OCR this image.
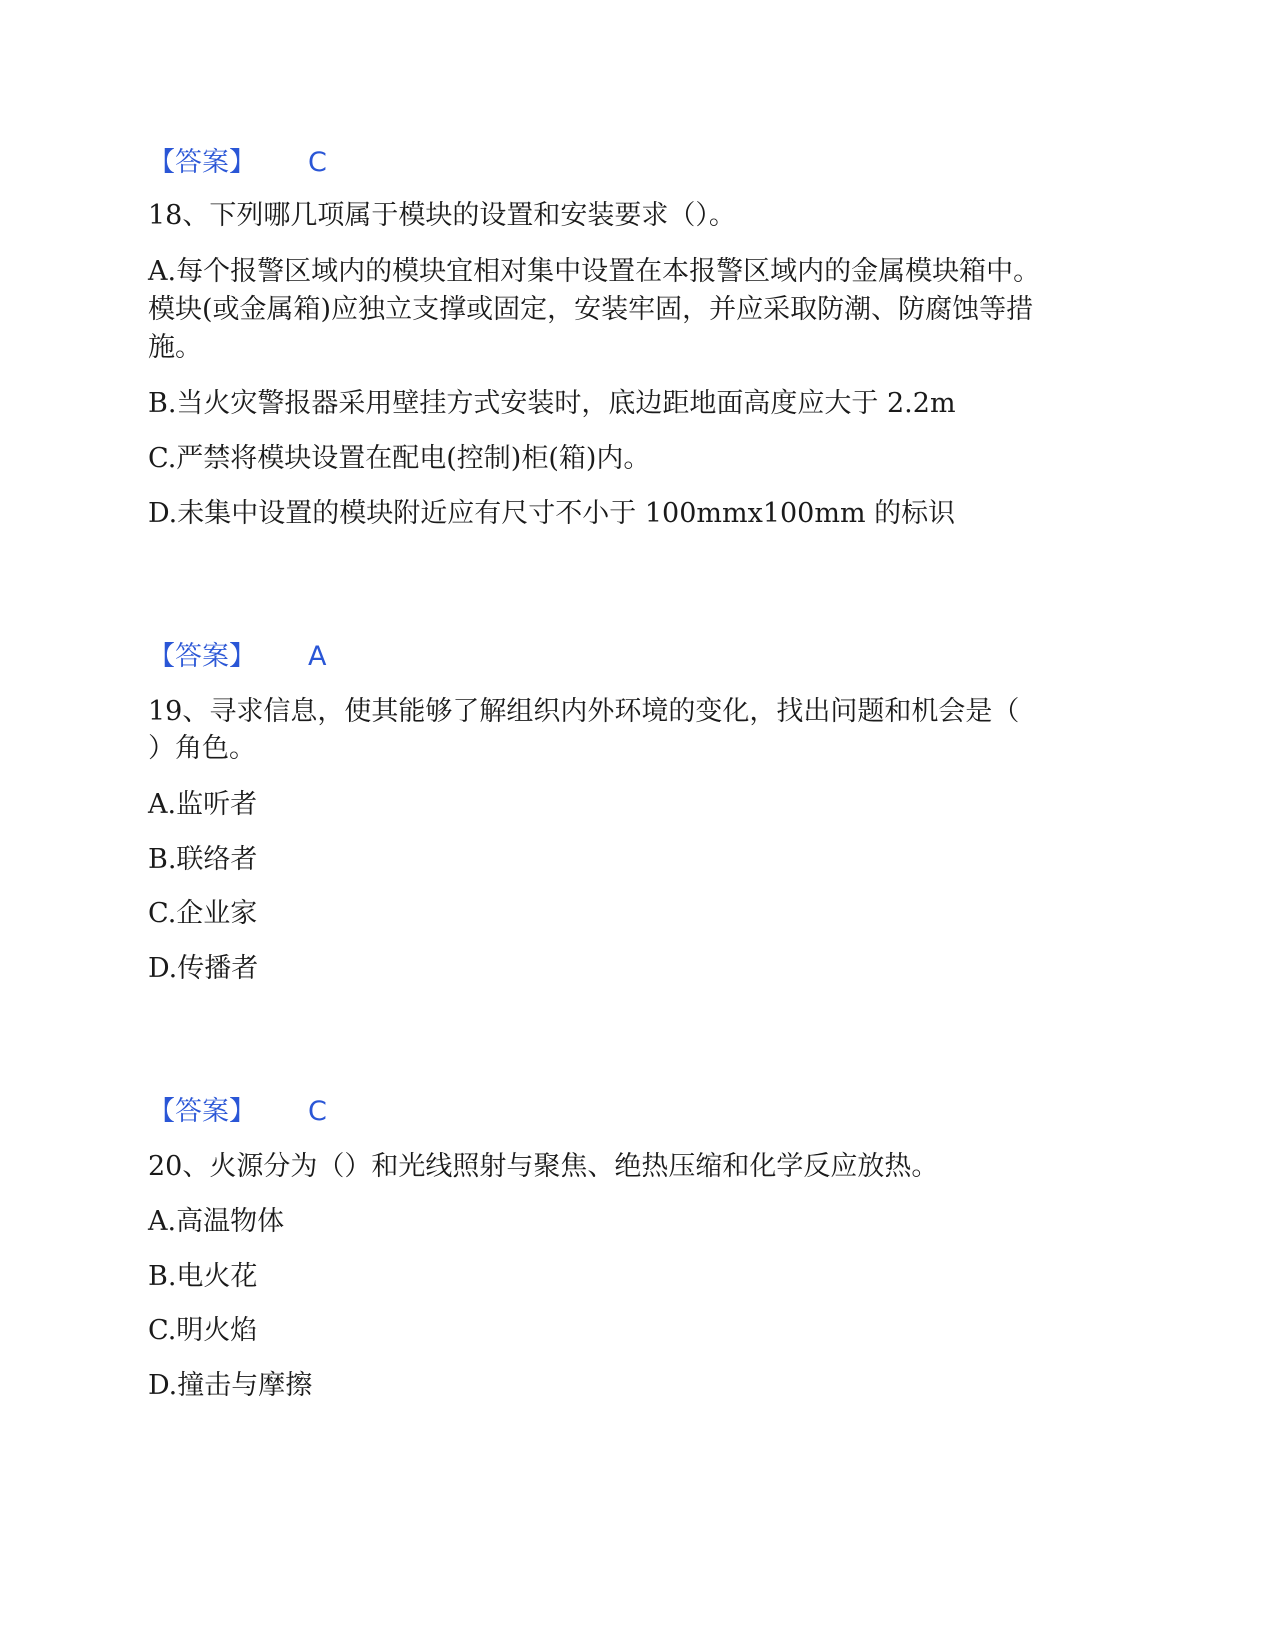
【答案】 C
18、下列哪几项属于模块的设置和安装要求（）。
A.每个报警区域内的模块宜相对集中设置在本报警区域内的金属模块箱中。
模块(或金属箱)应独立支撑或固定，安装牢固，并应采取防潮、防腐蚀等措
施。
B.当火灾警报器采用壁挂方式安装时，底边距地面高度应大于 2.2m
C.严禁将模块设置在配电(控制)柜(箱)内。
D.未集中设置的模块附近应有尺寸不小于 100mmx100mm 的标识
【答案】 A
19、寻求信息，使其能够了解组织内外环境的变化，找出问题和机会是（
）角色。
A.监听者
B.联络者
C.企业家
D.传播者
【答案】 C
20、火源分为（）和光线照射与聚焦、绝热压缩和化学反应放热。
A.高温物体
B.电火花
C.明火焰
D.撞击与摩擦
